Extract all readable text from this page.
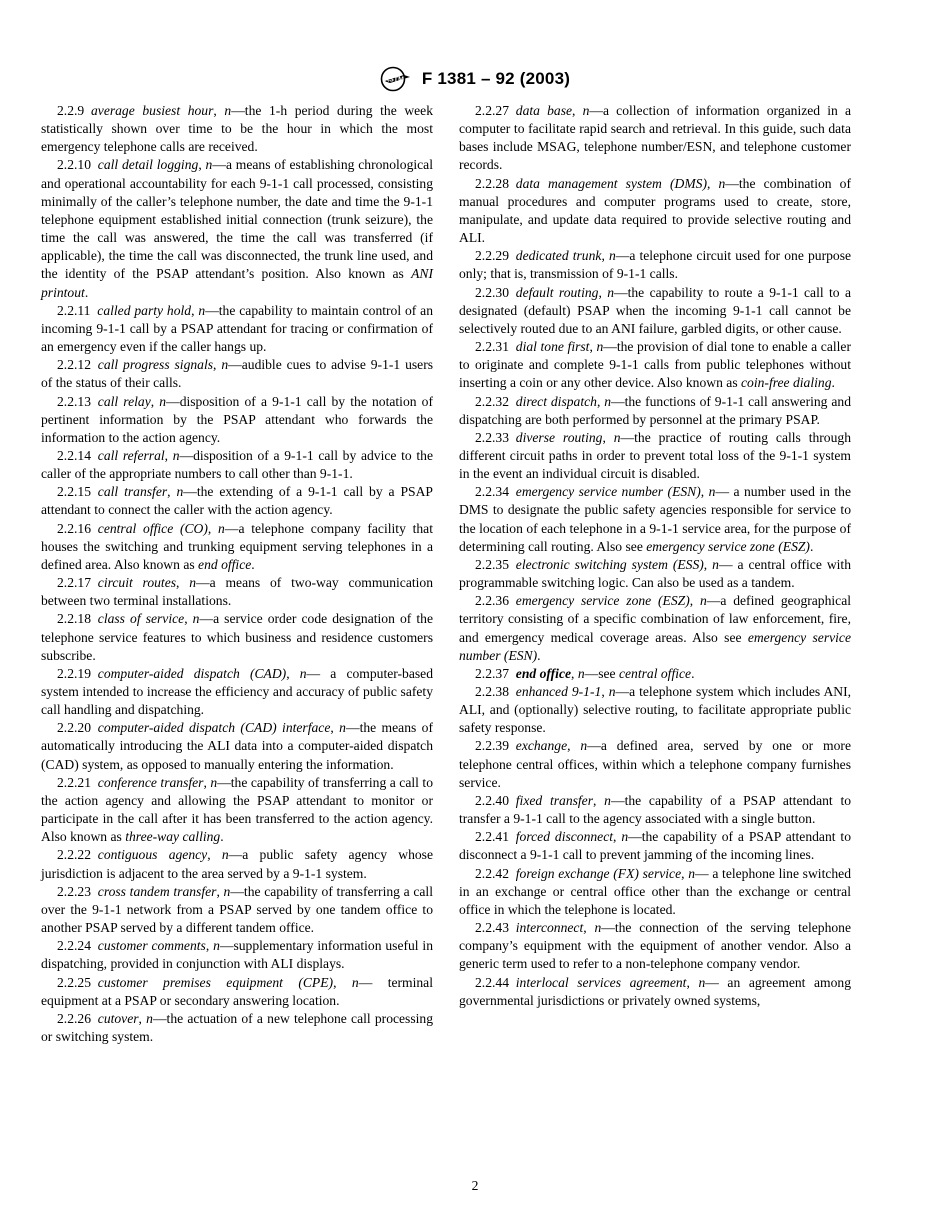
ASTM F 1381 – 92 (2003)

2.2.9  average busiest hour, n—the 1-h period during the week statistically shown over time to be the hour in which the most emergency telephone calls are received.

2.2.10  call detail logging, n—a means of establishing chronological and operational accountability for each 9-1-1 call processed, consisting minimally of the caller’s telephone number, the date and time the 9-1-1 telephone equipment established initial connection (trunk seizure), the time the call was answered, the time the call was transferred (if applicable), the time the call was disconnected, the trunk line used, and the identity of the PSAP attendant’s position. Also known as ANI printout.

2.2.11  called party hold, n—the capability to maintain control of an incoming 9-1-1 call by a PSAP attendant for tracing or confirmation of an emergency even if the caller hangs up.

2.2.12  call progress signals, n—audible cues to advise 9-1-1 users of the status of their calls.

2.2.13  call relay, n—disposition of a 9-1-1 call by the notation of pertinent information by the PSAP attendant who forwards the information to the action agency.

2.2.14  call referral, n—disposition of a 9-1-1 call by advice to the caller of the appropriate numbers to call other than 9-1-1.

2.2.15  call transfer, n—the extending of a 9-1-1 call by a PSAP attendant to connect the caller with the action agency.

2.2.16  central office (CO), n—a telephone company facility that houses the switching and trunking equipment serving telephones in a defined area. Also known as end office.

2.2.17  circuit routes, n—a means of two-way communication between two terminal installations.

2.2.18  class of service, n—a service order code designation of the telephone service features to which business and residence customers subscribe.

2.2.19  computer-aided dispatch (CAD), n— a computer-based system intended to increase the efficiency and accuracy of public safety call handling and dispatching.

2.2.20  computer-aided dispatch (CAD) interface, n—the means of automatically introducing the ALI data into a computer-aided dispatch (CAD) system, as opposed to manually entering the information.

2.2.21  conference transfer, n—the capability of transferring a call to the action agency and allowing the PSAP attendant to monitor or participate in the call after it has been transferred to the action agency. Also known as three-way calling.

2.2.22  contiguous agency, n—a public safety agency whose jurisdiction is adjacent to the area served by a 9-1-1 system.

2.2.23  cross tandem transfer, n—the capability of transferring a call over the 9-1-1 network from a PSAP served by one tandem office to another PSAP served by a different tandem office.

2.2.24  customer comments, n—supplementary information useful in dispatching, provided in conjunction with ALI displays.

2.2.25  customer premises equipment (CPE), n— terminal equipment at a PSAP or secondary answering location.

2.2.26  cutover, n—the actuation of a new telephone call processing or switching system.

2.2.27  data base, n—a collection of information organized in a computer to facilitate rapid search and retrieval. In this guide, such data bases include MSAG, telephone number/ESN, and telephone customer records.

2.2.28  data management system (DMS), n—the combination of manual procedures and computer programs used to create, store, manipulate, and update data required to provide selective routing and ALI.

2.2.29  dedicated trunk, n—a telephone circuit used for one purpose only; that is, transmission of 9-1-1 calls.

2.2.30  default routing, n—the capability to route a 9-1-1 call to a designated (default) PSAP when the incoming 9-1-1 call cannot be selectively routed due to an ANI failure, garbled digits, or other cause.

2.2.31  dial tone first, n—the provision of dial tone to enable a caller to originate and complete 9-1-1 calls from public telephones without inserting a coin or any other device. Also known as coin-free dialing.

2.2.32  direct dispatch, n—the functions of 9-1-1 call answering and dispatching are both performed by personnel at the primary PSAP.

2.2.33  diverse routing, n—the practice of routing calls through different circuit paths in order to prevent total loss of the 9-1-1 system in the event an individual circuit is disabled.

2.2.34  emergency service number (ESN), n— a number used in the DMS to designate the public safety agencies responsible for service to the location of each telephone in a 9-1-1 service area, for the purpose of determining call routing. Also see emergency service zone (ESZ).

2.2.35  electronic switching system (ESS), n— a central office with programmable switching logic. Can also be used as a tandem.

2.2.36  emergency service zone (ESZ), n—a defined geographical territory consisting of a specific combination of law enforcement, fire, and emergency medical coverage areas. Also see emergency service number (ESN).

2.2.37  end office, n—see central office.

2.2.38  enhanced 9-1-1, n—a telephone system which includes ANI, ALI, and (optionally) selective routing, to facilitate appropriate public safety response.

2.2.39  exchange, n—a defined area, served by one or more telephone central offices, within which a telephone company furnishes service.

2.2.40  fixed transfer, n—the capability of a PSAP attendant to transfer a 9-1-1 call to the agency associated with a single button.

2.2.41  forced disconnect, n—the capability of a PSAP attendant to disconnect a 9-1-1 call to prevent jamming of the incoming lines.

2.2.42  foreign exchange (FX) service, n— a telephone line switched in an exchange or central office other than the exchange or central office in which the telephone is located.

2.2.43  interconnect, n—the connection of the serving telephone company’s equipment with the equipment of another vendor. Also a generic term used to refer to a non-telephone company vendor.

2.2.44  interlocal services agreement, n— an agreement among governmental jurisdictions or privately owned systems,

2
